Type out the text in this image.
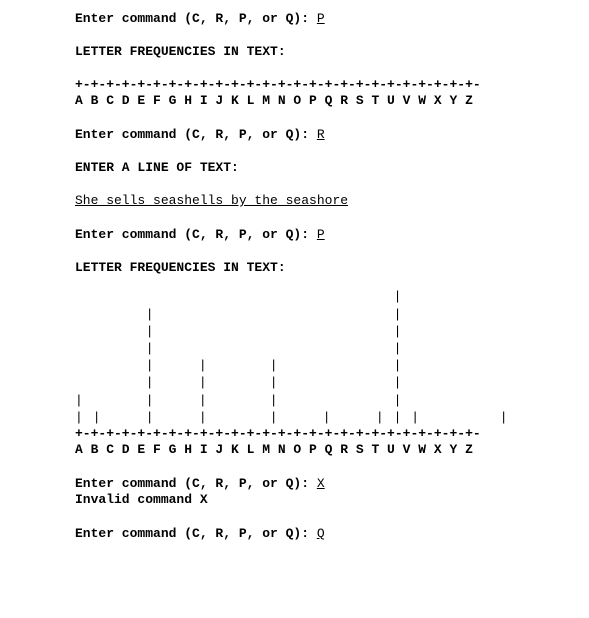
Enter command (C, R, P, or Q): P
LETTER FREQUENCIES IN TEXT:
+-+-+-+-+-+-+-+-+-+-+-+-+-+-+-+-+-+-+-+-+-+-+-+-+-+-
A B C D E F G H I J K L M N O P Q R S T U V W X Y Z
Enter command (C, R, P, or Q): R
ENTER A LINE OF TEXT:
She sells seashells by the seashore
Enter command (C, R, P, or Q): P
LETTER FREQUENCIES IN TEXT:
|
| |
|
|
|
|
|
|
|
|
|
|
|
|
|
|
|	|	|
|
|
|
|
|
|
|
| |	|
+-+-+-+-+-+-+-+-+-+-+-+-+-+-+-+-+-+-+-+-+-+-+-+-+-+-
A B C D E F G H I J K L M N O P Q R S T U V W X Y Z
Enter command (C, R, P, or Q): X
Invalid command X
Enter command (C, R, P, or Q): Q
